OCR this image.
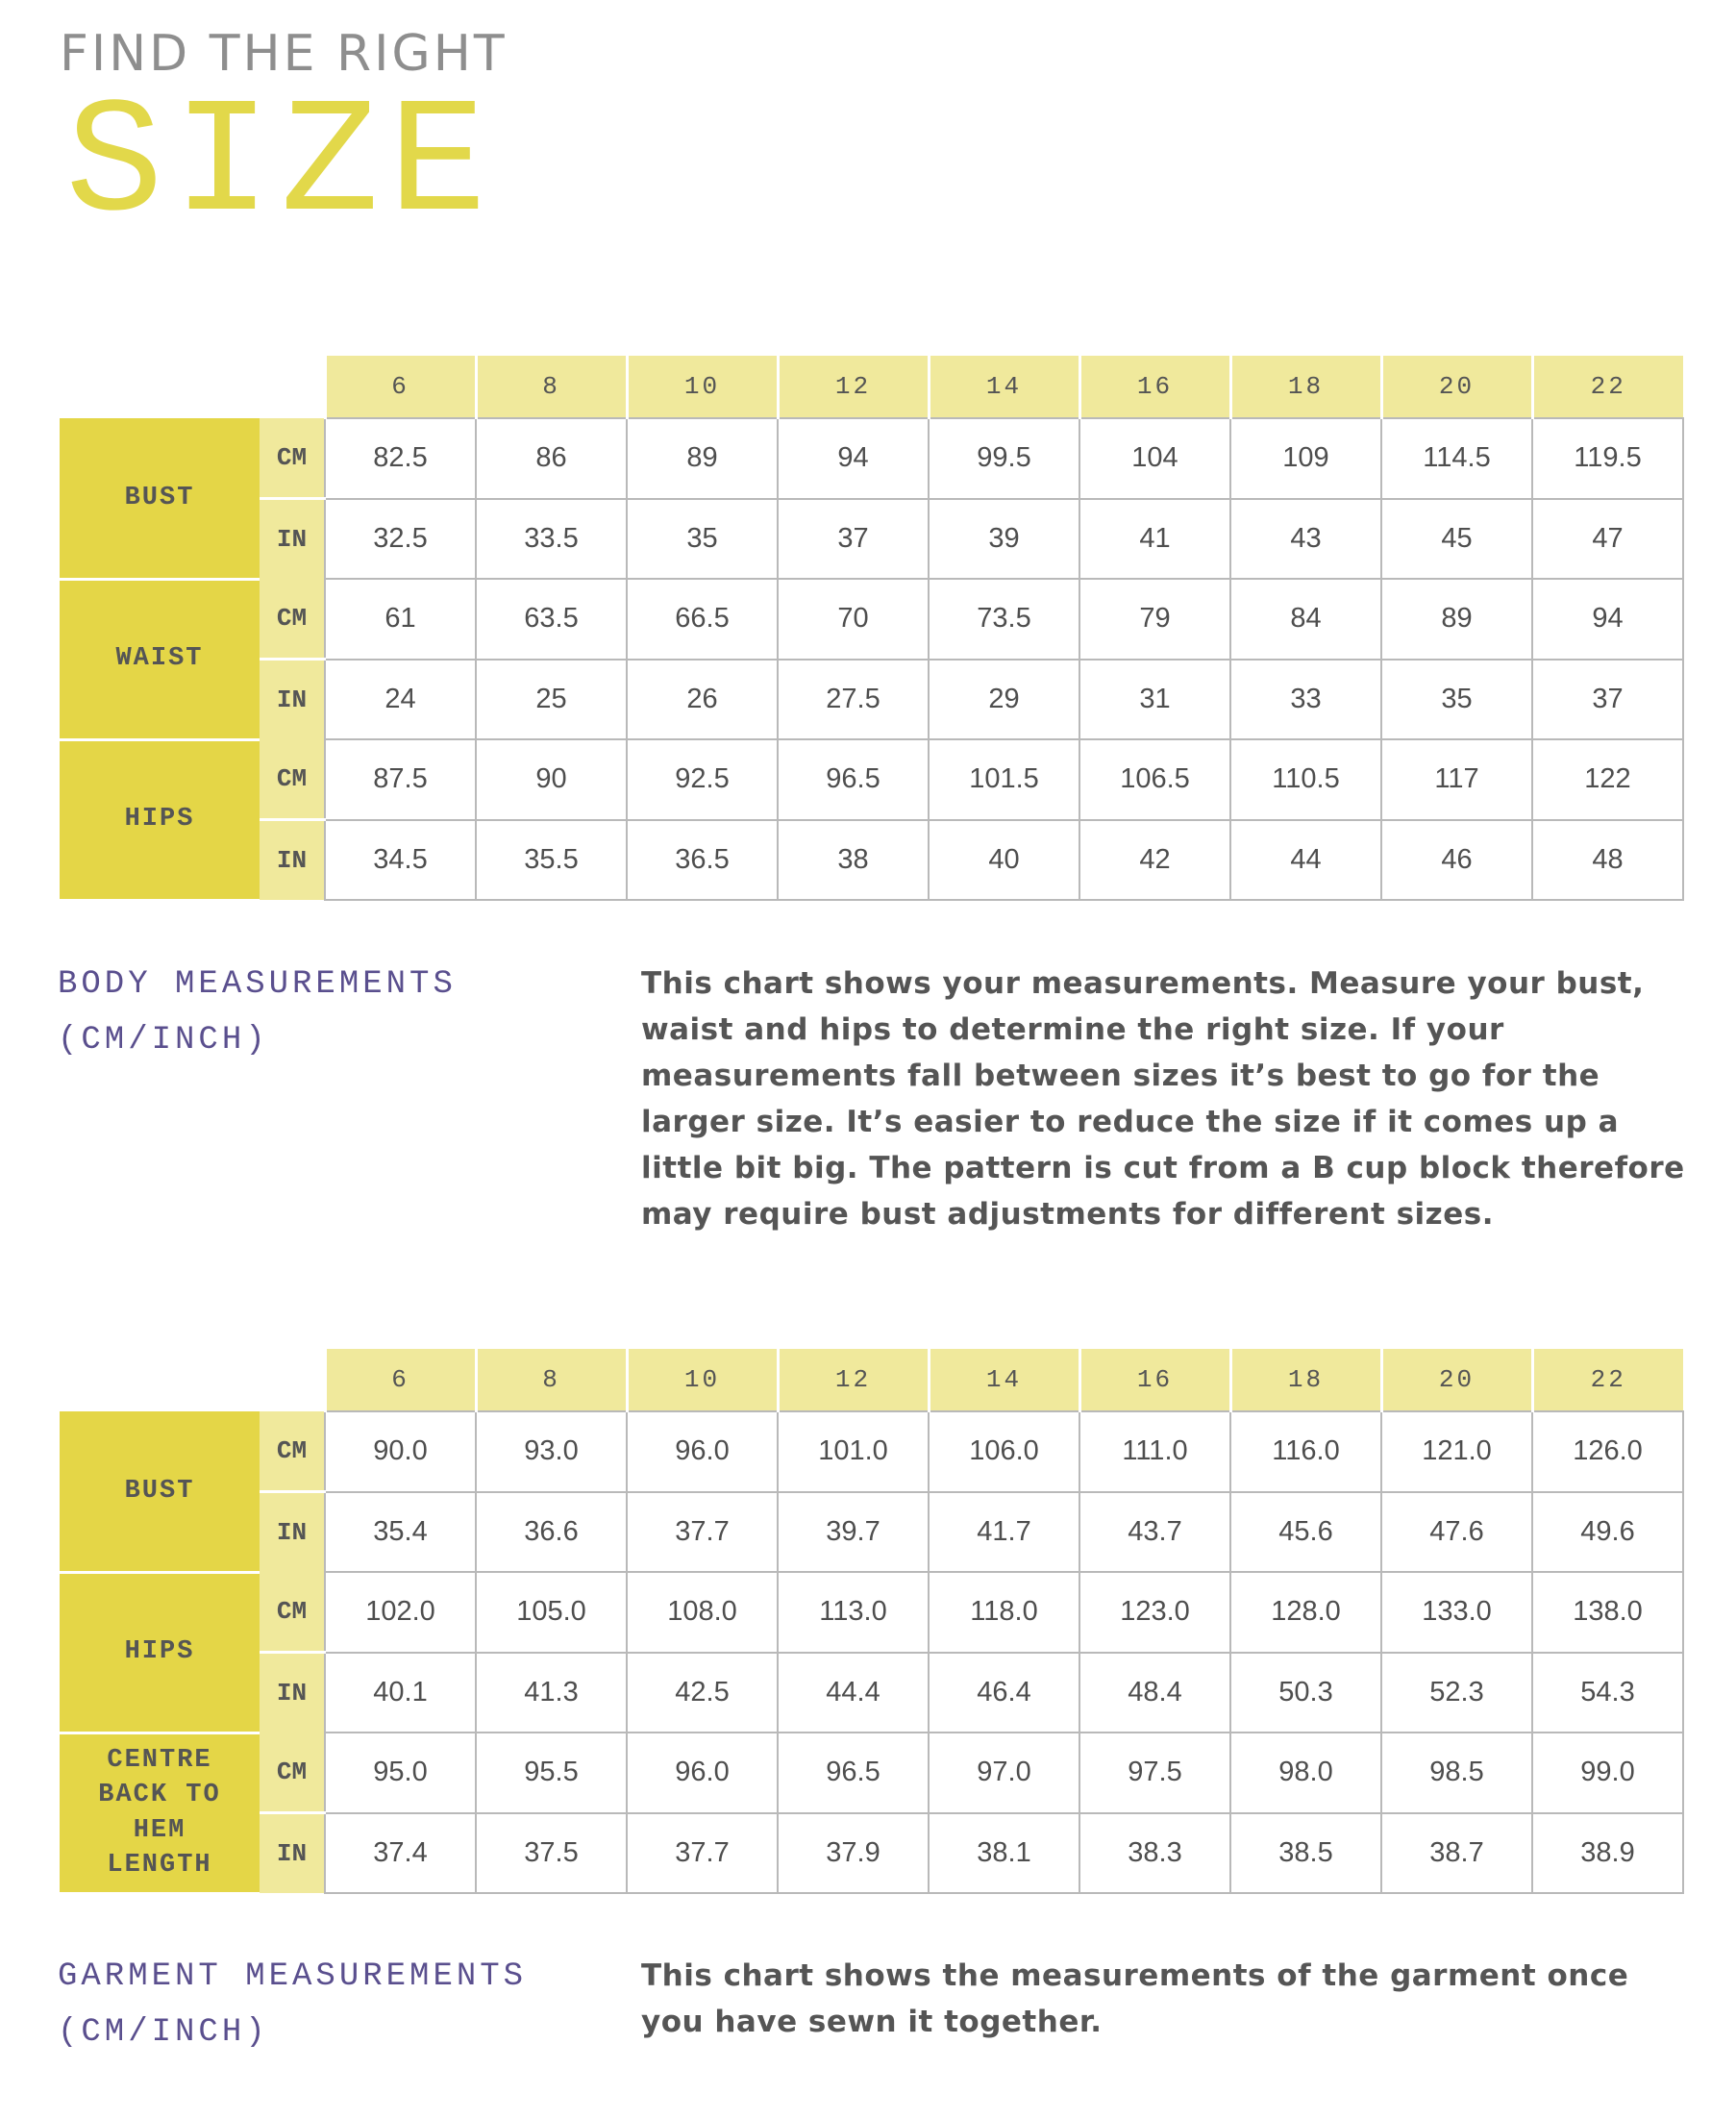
FIND THE RIGHT
SIZE
		6	8	10	12	14	16	18	20	22
BUST	CM	82.5	86	89	94	99.5	104	109	114.5	119.5
	IN	32.5	33.5	35	37	39	41	43	45	47
WAIST	CM	61	63.5	66.5	70	73.5	79	84	89	94
	IN	24	25	26	27.5	29	31	33	35	37
HIPS	CM	87.5	90	92.5	96.5	101.5	106.5	110.5	117	122
	IN	34.5	35.5	36.5	38	40	42	44	46	48
BODY MEASUREMENTS
(CM/INCH)
This chart shows your measurements. Measure your bust, waist and hips to determine the right size. If your measurements fall between sizes it’s best to go for the larger size. It’s easier to reduce the size if it comes up a little bit big. The pattern is cut from a B cup block therefore may require bust adjustments for different sizes.
		6	8	10	12	14	16	18	20	22
BUST	CM	90.0	93.0	96.0	101.0	106.0	111.0	116.0	121.0	126.0
	IN	35.4	36.6	37.7	39.7	41.7	43.7	45.6	47.6	49.6
HIPS	CM	102.0	105.0	108.0	113.0	118.0	123.0	128.0	133.0	138.0
	IN	40.1	41.3	42.5	44.4	46.4	48.4	50.3	52.3	54.3
CENTRE BACK TO HEM LENGTH	CM	95.0	95.5	96.0	96.5	97.0	97.5	98.0	98.5	99.0
	IN	37.4	37.5	37.7	37.9	38.1	38.3	38.5	38.7	38.9
GARMENT MEASUREMENTS
(CM/INCH)
This chart shows the measurements of the garment once you have sewn it together.
